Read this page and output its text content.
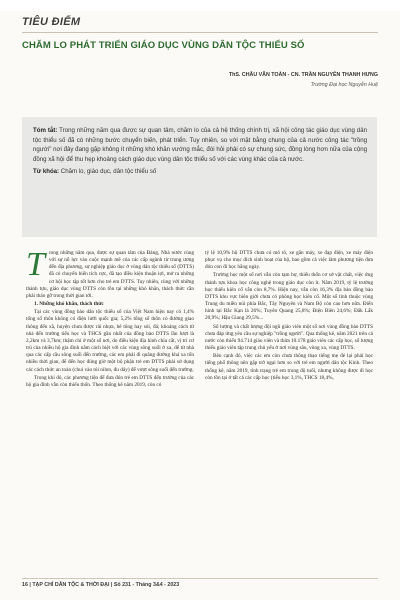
TIÊU ĐIỂM
CHĂM LO PHÁT TRIỂN GIÁO DỤC VÙNG DÂN TỘC THIỂU SỐ
ThS. CHÂU VĂN TOÀN - CN. TRẦN NGUYỄN THANH HƯNG
Trường Đại học Nguyễn Huệ
Tóm tắt: Trong những năm qua được sự quan tâm, chăm lo của cả hệ thống chính trị, xã hội công tác giáo dục vùng dân tộc thiểu số đã có những bước chuyển biến, phát triển. Tuy nhiên, so với mặt bằng chung của cả nước công tác "trồng người" nơi đây đang gặp không ít những khó khăn vướng mắc, đòi hỏi phải có sự chung sức, đồng lòng hơn nữa của cộng đồng xã hội để thu hẹp khoảng cách giáo dục vùng dân tộc thiểu số với các vùng khác của cả nước.
Từ khóa: Chăm lo, giáo dục, dân tộc thiểu số

Trong những năm qua, được sự quan tâm của Đảng, Nhà nước cùng với sự nỗ lực vào cuộc mạnh mẽ của các cấp ngành từ trung ương đến địa phương, sự nghiệp giáo dục ở vùng dân tộc thiểu số (DTTS) đã có chuyển biến tích cực, đã tạo điều kiện thuận lợi, mở ra những cơ hội học tập tốt hơn cho trẻ em DTTS. Tuy nhiên, cùng với những thành tựu, giáo dục vùng DTTS còn tồn tại những khó khăn, thách thức cần phải tháo gỡ trong thời gian tới.

1. Những khó khăn, thách thức

Tại các vùng đồng bào dân tộc thiểu số của Việt Nam hiện nay có 1,4% tổng số thôn không có điện lưới quốc gia; 5,2% tổng số thôn có đường giao thông đến xã, huyện chưa được rải nhựa, bê tông hay sỏi, đá; khoảng cách từ nhà đến trường tiểu học và THCS gần nhất của đồng bào DTTS lần lượt là 2,2km và 3,7km; thậm chí ở một số nơi, do điều kiện địa hình chia cắt, vị trí cư trú của nhiều hộ gia đình nằm cách biệt với các vùng sông suối ở xa, để từ nhà qua các cấp cầu sông suối đến trường, các em phải đi quãng đường khá xa tốn nhiều thời gian, để đến học đúng giờ một bộ phận trẻ em DTTS phải sử dụng các cách thức an toàn (chui vào túi nilon, đu dây) để vượt sông suối đến trường.

Trong khi đó, các phương tiện để đưa đón trẻ em DTTS đến trường của các hộ gia đình vẫn còn thiếu thốn. Theo thống kê năm 2019, còn có

tỷ lệ 10,9% hộ DTTS chưa có mô tô, xe gắn máy, xe đạp điện, xe máy điện phục vụ cho mục đích sinh hoạt của hộ, bao gồm cả việc làm phương tiện đưa đón con đi học hằng ngày.

Trường học một số nơi vẫn còn tạm bợ, thiếu thốn cơ sở vật chất, việc ứng thành tựu khoa học công nghệ trong giáo dục còn ít. Năm 2019, tỷ lệ trường học thiếu kiên cố vẫn còn 8,7%. Hiện nay, vẫn còn 16,3% địa bàn đồng bào DTTS khu vực biên giới chưa có phòng học kiên cố. Một số tỉnh thuộc vùng Trung du miền núi phía Bắc, Tây Nguyên và Nam Bộ còn cao hơn nữa. Điển hình tại Bắc Kạn là 26%; Tuyên Quang 25,8%; Điện Biên 24,6%; Đắk Lắk 20,9%; Hậu Giang 29,5%...

Số lượng và chất lượng đội ngũ giáo viên một số nơi vùng đồng bào DTTS chưa đáp ứng yêu cầu sự nghiệp "trồng người". Qua thống kê, năm 2021 trên cả nước còn thiếu 94.714 giáo viên và thừa 10.178 giáo viên các cấp học, số lượng thiếu giáo viên tập trung chủ yếu ở nơi vùng sâu, vùng xa, vùng DTTS.

Bên cạnh đó, việc các em còn chưa thông thạo tiếng mẹ đẻ lại phải học tiếng phổ thông nên gặp trở ngại hơn so với trẻ em người dân tộc Kinh. Theo thống kê, năm 2019, tình trạng trẻ em trong độ tuổi, nhưng không được đi học còn tồn tại ở tất cả các cấp học (tiểu học 3,1%, THCS 18,4%,

16 | TẠP CHÍ DÂN TỘC & THỜI ĐẠI | Số 231 - Tháng 3&4 - 2023
